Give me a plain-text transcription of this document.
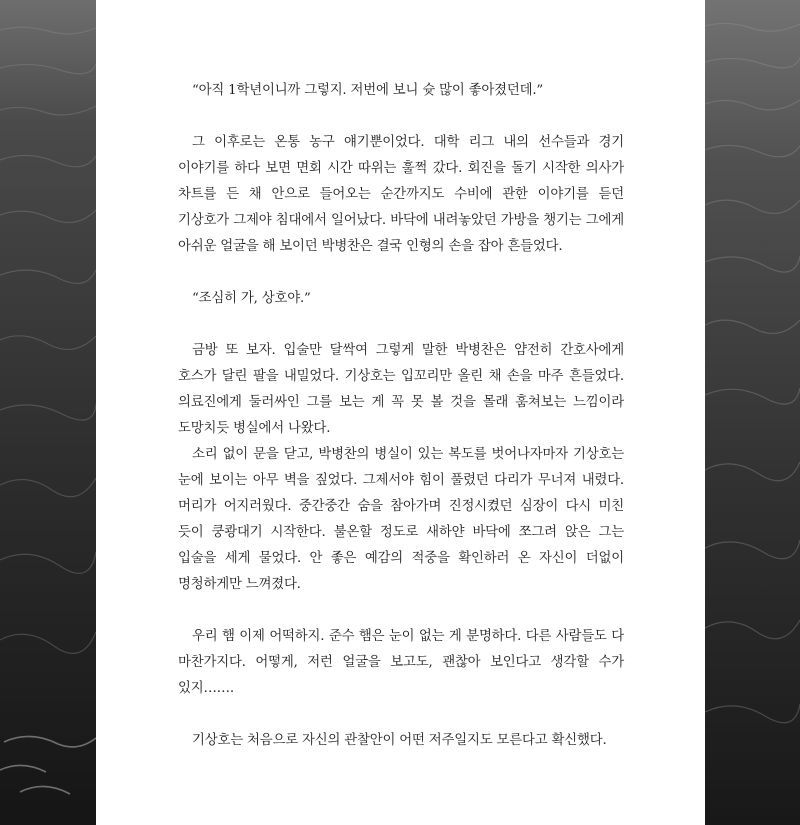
“아직 1학년이니까 그렇지. 저번에 보니 슛 많이 좋아졌던데.”

그 이후로는 온통 농구 얘기뿐이었다. 대학 리그 내의 선수들과 경기 이야기를 하다 보면 면회 시간 따위는 훌쩍 갔다. 회진을 돌기 시작한 의사가 차트를 든 채 안으로 들어오는 순간까지도 수비에 관한 이야기를 듣던 기상호가 그제야 침대에서 일어났다. 바닥에 내려놓았던 가방을 챙기는 그에게 아쉬운 얼굴을 해 보이던 박병찬은 결국 인형의 손을 잡아 흔들었다.

“조심히 가, 상호야.”

금방 또 보자. 입술만 달싹여 그렇게 말한 박병찬은 얌전히 간호사에게 호스가 달린 팔을 내밀었다. 기상호는 입꼬리만 올린 채 손을 마주 흔들었다. 의료진에게 둘러싸인 그를 보는 게 꼭 못 볼 것을 몰래 훔쳐보는 느낌이라 도망치듯 병실에서 나왔다.

소리 없이 문을 닫고, 박병찬의 병실이 있는 복도를 벗어나자마자 기상호는 눈에 보이는 아무 벽을 짚었다. 그제서야 힘이 풀렸던 다리가 무너져 내렸다. 머리가 어지러웠다. 중간중간 숨을 참아가며 진정시켰던 심장이 다시 미친 듯이 쿵쾅대기 시작한다. 불온할 정도로 새하얀 바닥에 쪼그려 앉은 그는 입술을 세게 물었다. 안 좋은 예감의 적중을 확인하러 온 자신이 더없이 명청하게만 느껴졌다.

우리 햄 이제 어떡하지. 준수 햄은 눈이 없는 게 분명하다. 다른 사람들도 다 마찬가지다. 어떻게, 저런 얼굴을 보고도, 괜찮아 보인다고 생각할 수가 있지…….

기상호는 처음으로 자신의 관찰안이 어떤 저주일지도 모른다고 확신했다.
